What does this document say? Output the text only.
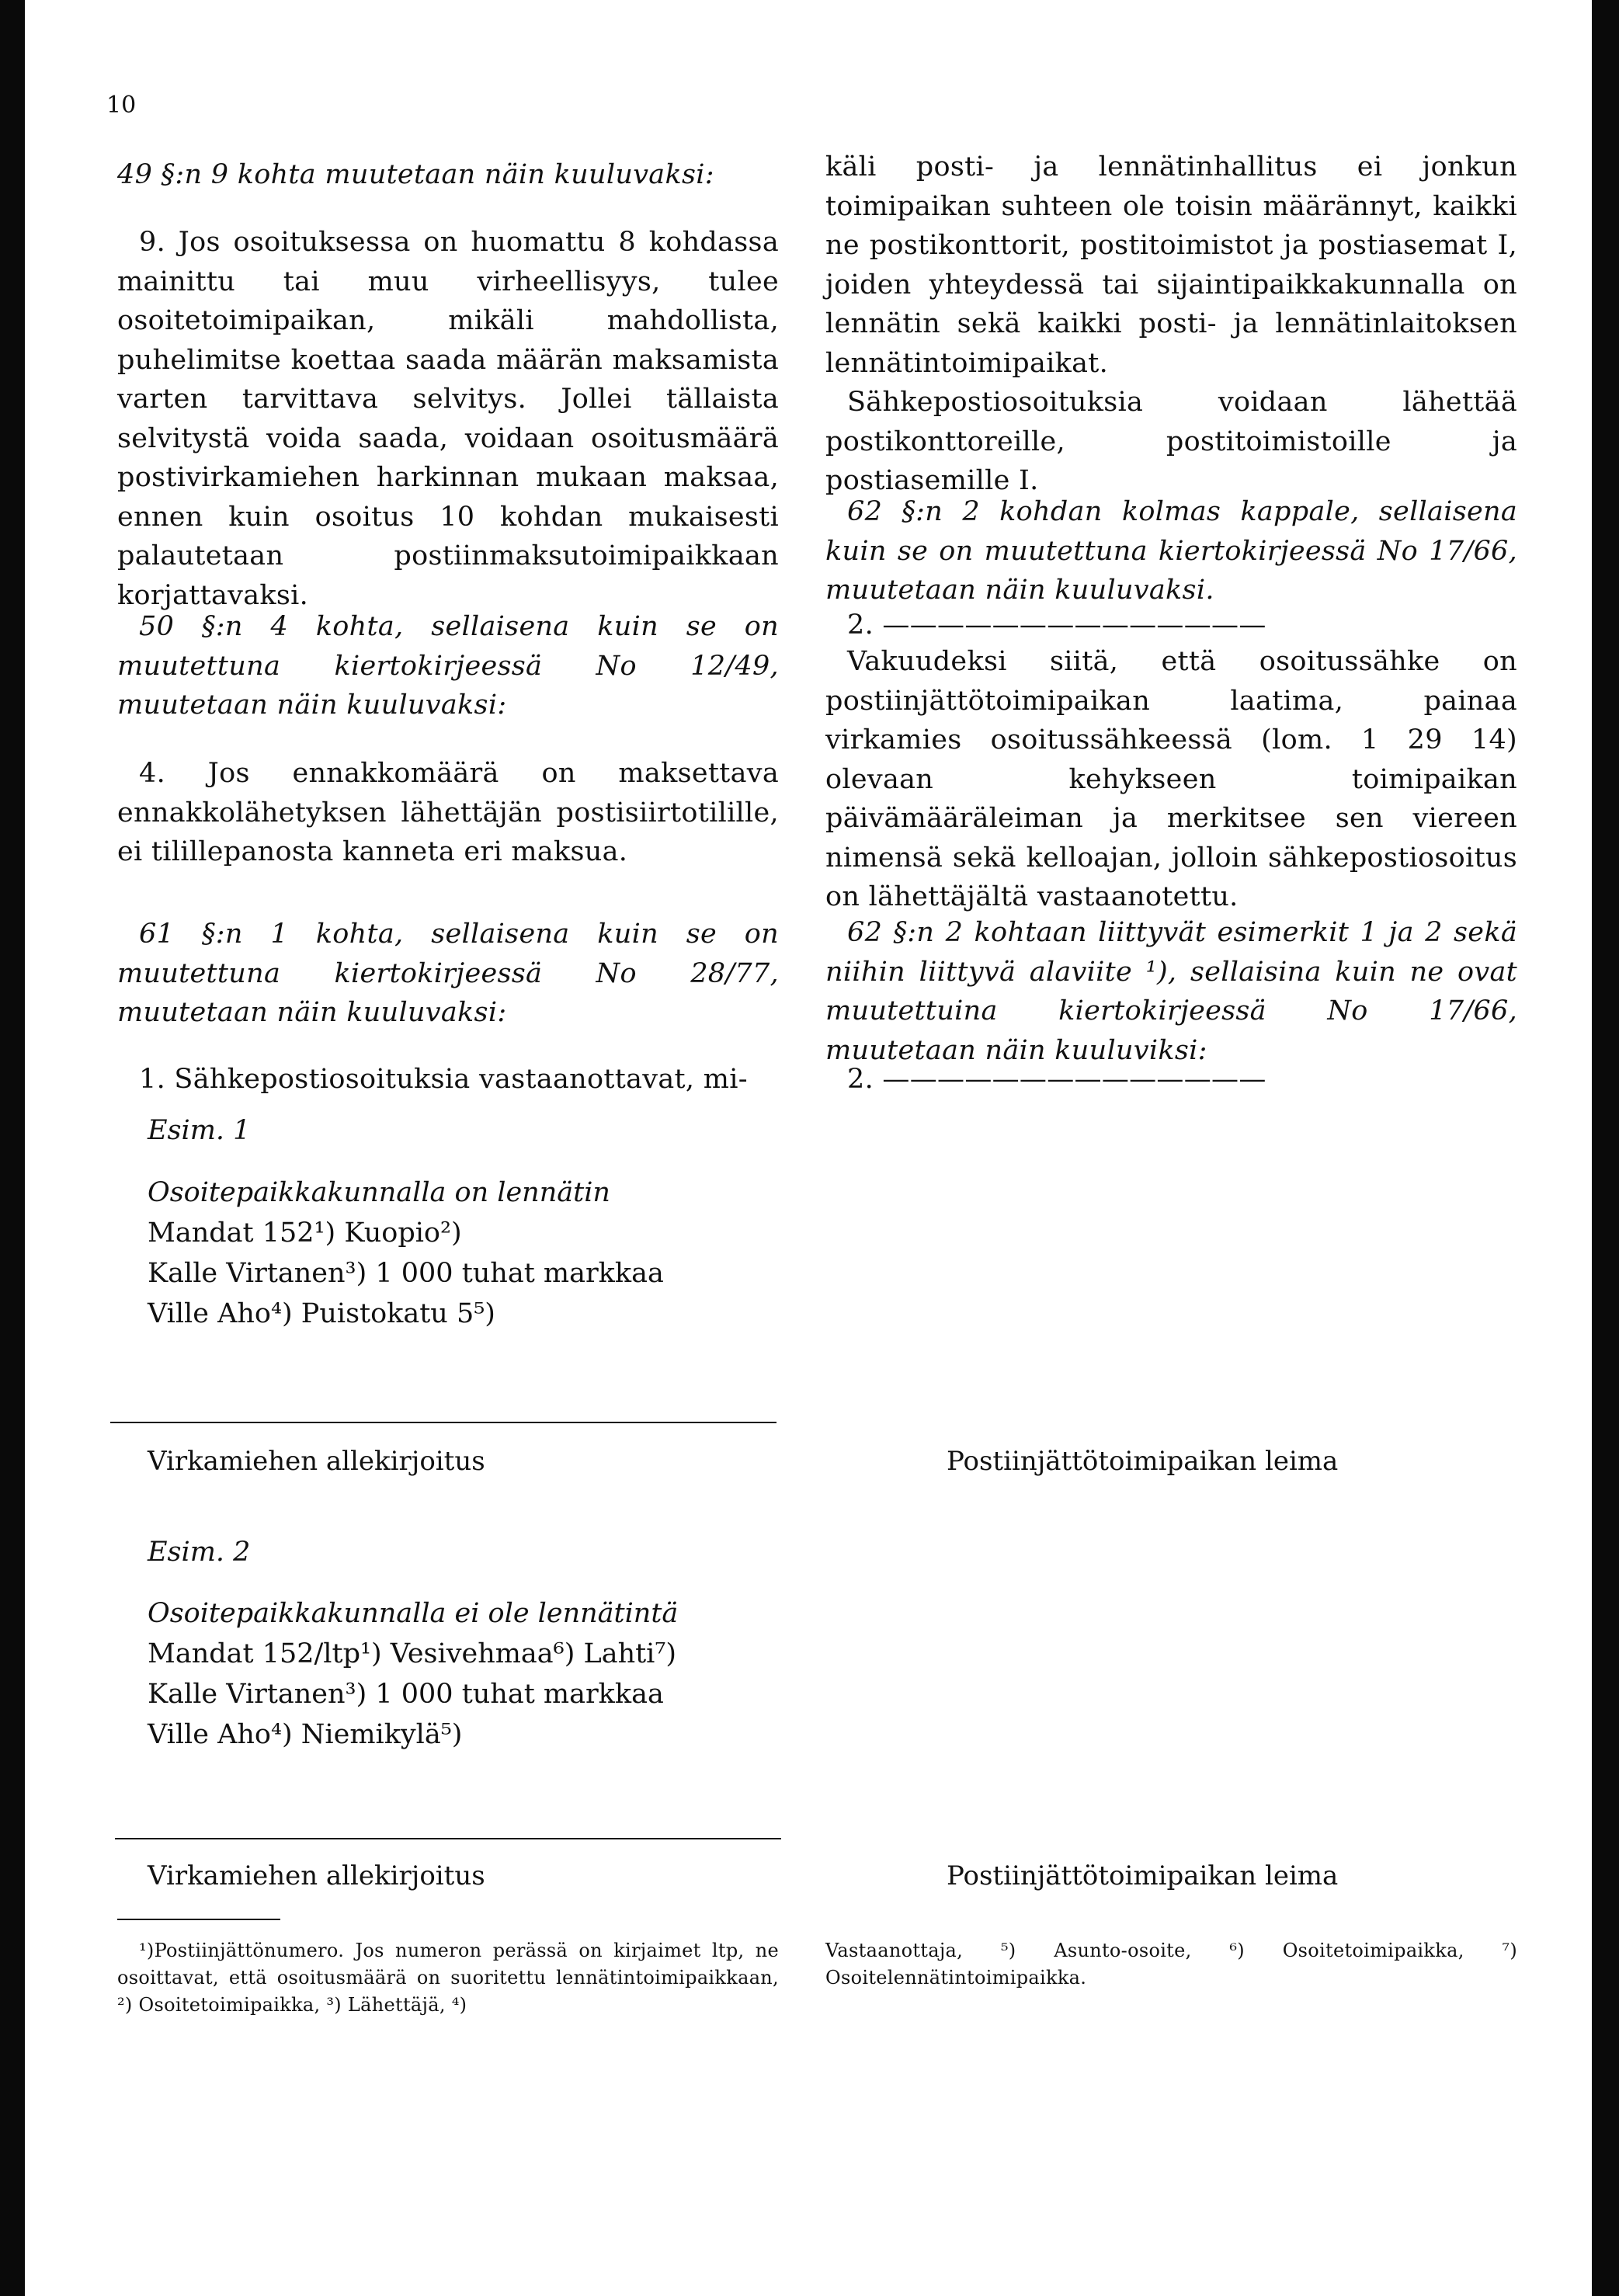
10

49 §:n 9 kohta muutetaan näin kuuluvaksi:

9. Jos osoituksessa on huomattu 8 kohdassa mainittu tai muu virheellisyys, tulee osoitetoimipaikan, mikäli mahdollista, puhelimitse koettaa saada määrän maksamista varten tarvittava selvitys. Jollei tällaista selvitystä voida saada, voidaan osoitusmäärä postivirkamiehen harkinnan mukaan maksaa, ennen kuin osoitus 10 kohdan mukaisesti palautetaan postiinmaksutoimipaikkaan korjattavaksi.

50 §:n 4 kohta, sellaisena kuin se on muutettuna kiertokirjeessä No 12/49, muutetaan näin kuuluvaksi:

4. Jos ennakkomäärä on maksettava ennakkolähetyksen lähettäjän postisiirtotilille, ei tilillepanosta kanneta eri maksua.

61 §:n 1 kohta, sellaisena kuin se on muutettuna kiertokirjeessä No 28/77, muutetaan näin kuuluvaksi:

1. Sähkepostiosoituksia vastaanottavat, mi-

käli posti- ja lennätinhallitus ei jonkun toimipaikan suhteen ole toisin määrännyt, kaikki ne postikonttorit, postitoimistot ja postiasemat I, joiden yhteydessä tai sijaintipaikkakunnalla on lennätin sekä kaikki posti- ja lennätinlaitoksen lennätintoimipaikat.

Sähkepostiosoituksia voidaan lähettää postikonttoreille, postitoimistoille ja postiasemille I.

62 §:n 2 kohdan kolmas kappale, sellaisena kuin se on muutettuna kiertokirjeessä No 17/66, muutetaan näin kuuluvaksi.

2. ——————————————

Vakuudeksi siitä, että osoitussähke on postiinjättötoimipaikan laatima, painaa virkamies osoitussähkeessä (lom. 1 29 14) olevaan kehykseen toimipaikan päivämääräleiman ja merkitsee sen viereen nimensä sekä kelloajan, jolloin sähkepostiosoitus on lähettäjältä vastaanotettu.

62 §:n 2 kohtaan liittyvät esimerkit 1 ja 2 sekä niihin liittyvä alaviite ¹), sellaisina kuin ne ovat muutettuina kiertokirjeessä No 17/66, muutetaan näin kuuluviksi:

2. ——————————————

Esim. 1

Osoitepaikkakunnalla on lennätin
Mandat 152¹) Kuopio²)
Kalle Virtanen³) 1 000 tuhat markkaa
Ville Aho⁴) Puistokatu 5⁵)
Virkamiehen allekirjoitus	Postiinjättötoimipaikan leima

Esim. 2

Osoitepaikkakunnalla ei ole lennätintä
Mandat 152/ltp¹) Vesivehmaa⁶) Lahti⁷)
Kalle Virtanen³) 1 000 tuhat markkaa
Ville Aho⁴) Niemikylä⁵)
Virkamiehen allekirjoitus	Postiinjättötoimipaikan leima

¹)Postiinjättönumero. Jos numeron perässä on kirjaimet ltp, ne osoittavat, että osoitusmäärä on suoritettu lennätintoimipaikkaan, ²) Osoitetoimipaikka, ³) Lähettäjä, ⁴)

Vastaanottaja, ⁵) Asunto-osoite, ⁶) Osoitetoimipaikka, ⁷) Osoitelennätintoimipaikka.
